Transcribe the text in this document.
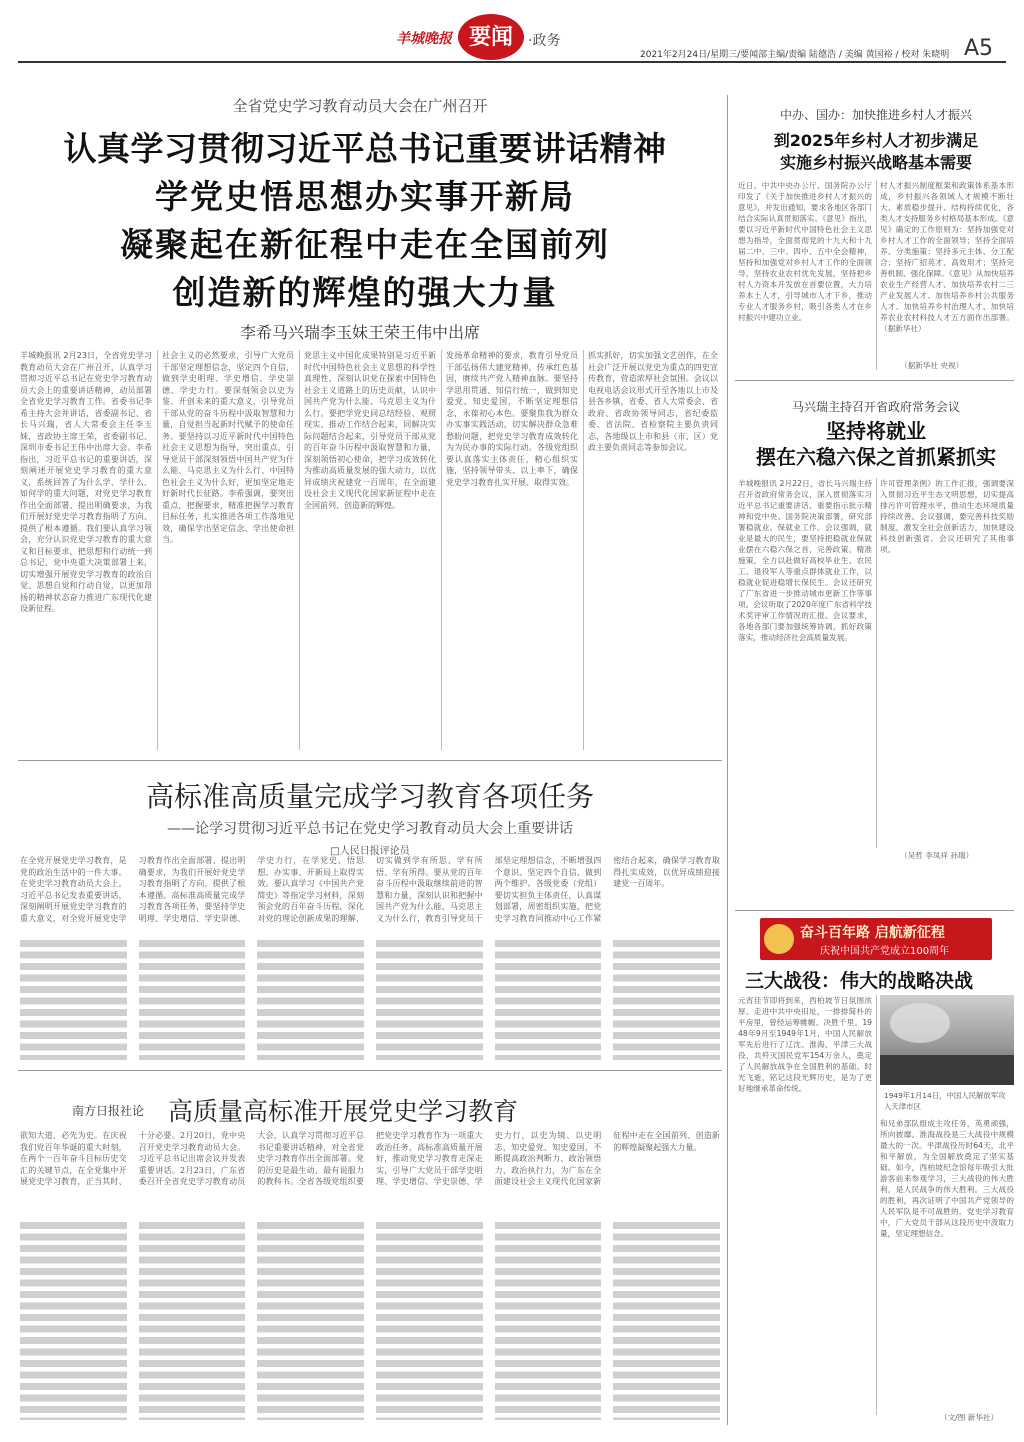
羊城晚报 要闻	·政务
2021年2月24日/星期三/要闻部主编/责编 陆德浩 / 美编 黄国裕 / 校对 朱晓明 A5
全省党史学习教育动员大会在广州召开
认真学习贯彻习近平总书记重要讲话精神
学党史悟思想办实事开新局
凝聚起在新征程中走在全国前列
创造新的辉煌的强大力量
李希马兴瑞李玉妹王荣王伟中出席
羊城晚报讯 2月23日，全省党史学习教育动员大会在广州召开，认真学习贯彻习近平总书记在党史学习教育动员大会上的重要讲话精神，动员部署全省党史学习教育工作。省委书记李希主持大会并讲话，省委副书记、省长马兴瑞，省人大常委会主任李玉妹，省政协主席王荣，省委副书记、深圳市委书记王伟中出席大会。李希指出，习近平总书记的重要讲话，深刻阐述开展党史学习教育的重大意义，系统回答了为什么学、学什么、如何学的重大问题，对党史学习教育作出全面部署、提出明确要求，为我们开展好党史学习教育指明了方向、提供了根本遵循。我们要认真学习领会，充分认识党史学习教育的重大意义和目标要求，把思想和行动统一到总书记、党中央重大决策部署上来，切实增强开展党史学习教育的政治自觉、思想自觉和行动自觉，以更加昂扬的精神状态奋力推进广东现代化建设新征程。
社会主义的必然要求，引导广大党员干部坚定理想信念，坚定四个自信，做到学史明理、学史增信、学史崇德、学史力行。要深刻领会以史为鉴、开创未来的重大意义，引导党员干部从党的奋斗历程中汲取智慧和力量，自觉担当起新时代赋予的使命任务。要坚持以习近平新时代中国特色社会主义思想为指导，突出重点，引导党员干部深刻领悟中国共产党为什么能、马克思主义为什么行、中国特色社会主义为什么好，更加坚定地走好新时代长征路。李希强调，要突出重点，把握要求，精准把握学习教育目标任务，扎实推进各项工作落地见效，确保学出坚定信念、学出使命担当。
党思主义中国化成果特别是习近平新时代中国特色社会主义思想的科学性真理性，深刻认识党在探索中国特色社会主义道路上的历史贡献，认识中国共产党为什么能、马克思主义为什么行。要把学党史同总结经验、观照现实、推动工作结合起来，同解决实际问题结合起来，引导党员干部从党的百年奋斗历程中汲取智慧和力量，深刻领悟初心使命，把学习成效转化为推动高质量发展的强大动力，以优异成绩庆祝建党一百周年，在全面建设社会主义现代化国家新征程中走在全国前列、创造新的辉煌。
发扬革命精神的要求，教育引导党员干部弘扬伟大建党精神，传承红色基因，赓续共产党人精神血脉。要坚持学思用贯通、知信行统一，做到知史爱党、知史爱国，不断坚定理想信念，永葆初心本色。要聚焦我为群众办实事实践活动，切实解决群众急难愁盼问题，把党史学习教育成效转化为为民办事的实际行动。各级党组织要认真落实主体责任，精心组织实施，坚持领导带头、以上率下，确保党史学习教育扎实开展、取得实效。
抓实抓好，切实加强文艺创作，在全社会广泛开展以党史为重点的四史宣传教育，营造浓厚社会氛围。会议以电视电话会议形式开至各地以上市及县各乡镇，省委、省人大常委会、省政府、省政协领导同志，省纪委监委、省法院、省检察院主要负责同志，各地级以上市和县（市、区）党政主要负责同志等参加会议。
中办、国办：加快推进乡村人才振兴
到2025年乡村人才初步满足
实施乡村振兴战略基本需要
近日，中共中央办公厅、国务院办公厅印发了《关于加快推进乡村人才振兴的意见》，并发出通知，要求各地区各部门结合实际认真贯彻落实。《意见》指出，要以习近平新时代中国特色社会主义思想为指导，全面贯彻党的十九大和十九届二中、三中、四中、五中全会精神，坚持和加强党对乡村人才工作的全面领导，坚持农业农村优先发展，坚持把乡村人力资本开发放在首要位置，大力培养本土人才，引导城市人才下乡，推动专业人才服务乡村，吸引各类人才在乡村振兴中建功立业。
村人才振兴制度框架和政策体系基本形成，乡村振兴各领域人才规模不断壮大、素质稳步提升、结构持续优化，各类人才支持服务乡村格局基本形成。《意见》确定的工作原则为：坚持加强党对乡村人才工作的全面领导；坚持全面培养、分类施策；坚持多元主体、分工配合；坚持广招英才、高效用才；坚持完善机制、强化保障。《意见》从加快培养农业生产经营人才、加快培养农村二三产业发展人才、加快培养乡村公共服务人才、加快培养乡村治理人才、加快培养农业农村科技人才五方面作出部署。（据新华社）
（据新华社 央视）
马兴瑞主持召开省政府常务会议
坚持将就业
摆在六稳六保之首抓紧抓实
羊城晚报讯 2月22日，省长马兴瑞主持召开省政府常务会议，深入贯彻落实习近平总书记重要讲话、重要指示批示精神和党中央、国务院决策部署，研究部署稳就业、保就业工作。会议强调，就业是最大的民生，要坚持把稳就业保就业摆在六稳六保之首，完善政策、精准施策，全力以赴做好高校毕业生、农民工、退役军人等重点群体就业工作，以稳就业促进稳增长保民生。会议还研究了广东省进一步推动城市更新工作等事项。会议听取了2020年度广东省科学技术奖评审工作情况的汇报。会议要求，各地各部门要加强统筹协调，抓好政策落实，推动经济社会高质量发展。
许可管理条例》的工作汇报，强调要深入贯彻习近平生态文明思想，切实提高排污许可管理水平，推动生态环境质量持续改善。会议强调，要完善科技奖励制度，激发全社会创新活力，加快建设科技创新强省。会议还研究了其他事项。
（吴哲 李凤祥 孙瑞）
奋斗百年路 启航新征程
庆祝中国共产党成立100周年
三大战役：伟大的战略决战
元宵佳节即将到来，西柏坡节日氛围浓厚。走进中共中央旧址，一排排简朴的平房里，曾经运筹帷幄、决胜千里。1948年9月至1949年1月，中国人民解放军先后进行了辽沈、淮海、平津三大战役，共歼灭国民党军154万余人，奠定了人民解放战争在全国胜利的基础。时光飞逝，铭记这段光辉历史，是为了更好地继承革命传统。
1949年1月14日，中国人民解放军攻入天津市区
和兄弟部队组成主攻任务，英勇顽强，所向披靡。淮海战役是三大战役中规模最大的一次。平津战役历时64天，北平和平解放，为全国解放奠定了坚实基础。如今，西柏坡纪念馆每年吸引大批游客前来参观学习，三大战役的伟大胜利，是人民战争的伟大胜利。三大战役的胜利，再次证明了中国共产党领导的人民军队是不可战胜的。党史学习教育中，广大党员干部从这段历史中汲取力量，坚定理想信念。
（文/图 新华社）
高标准高质量完成学习教育各项任务
——论学习贯彻习近平总书记在党史学习教育动员大会上重要讲话
□人民日报评论员
在全党开展党史学习教育，是党的政治生活中的一件大事。在党史学习教育动员大会上，习近平总书记发表重要讲话，深刻阐明开展党史学习教育的重大意义，对全党开展党史学习教育作出全面部署、提出明确要求，为我们开展好党史学习教育指明了方向、提供了根本遵循。高标准高质量完成学习教育各项任务，要坚持学史明理、学史增信、学史崇德、学史力行，在学党史、悟思想、办实事、开新局上取得实效。要认真学习《中国共产党简史》等指定学习材料，深刻领会党的百年奋斗历程，深化对党的理论创新成果的理解，切实做到学有所思、学有所悟、学有所得。要从党的百年奋斗历程中汲取继续前进的智慧和力量，深刻认识和把握中国共产党为什么能、马克思主义为什么行，教育引导党员干部坚定理想信念，不断增强四个意识、坚定四个自信、做到两个维护。各级党委（党组）要切实担负主体责任，认真谋划部署，周密组织实施，把党史学习教育同推动中心工作紧密结合起来，确保学习教育取得扎实成效，以优异成绩迎接建党一百周年。
南方日报社论 高质量高标准开展党史学习教育
欲知大道，必先为史。在庆祝我们党百年华诞的重大时刻，在两个一百年奋斗目标历史交汇的关键节点，在全党集中开展党史学习教育，正当其时、十分必要。2月20日，党中央召开党史学习教育动员大会。习近平总书记出席会议并发表重要讲话。2月23日，广东省委召开全省党史学习教育动员大会，认真学习贯彻习近平总书记重要讲话精神，对全省党史学习教育作出全面部署。党的历史是最生动、最有说服力的教科书。全省各级党组织要把党史学习教育作为一项重大政治任务，高标准高质量开展好，推动党史学习教育走深走实，引导广大党员干部学史明理、学史增信、学史崇德、学史力行，以史为镜、以史明志，知史爱党、知史爱国，不断提高政治判断力、政治领悟力、政治执行力，为广东在全面建设社会主义现代化国家新征程中走在全国前列、创造新的辉煌凝聚起强大力量。
